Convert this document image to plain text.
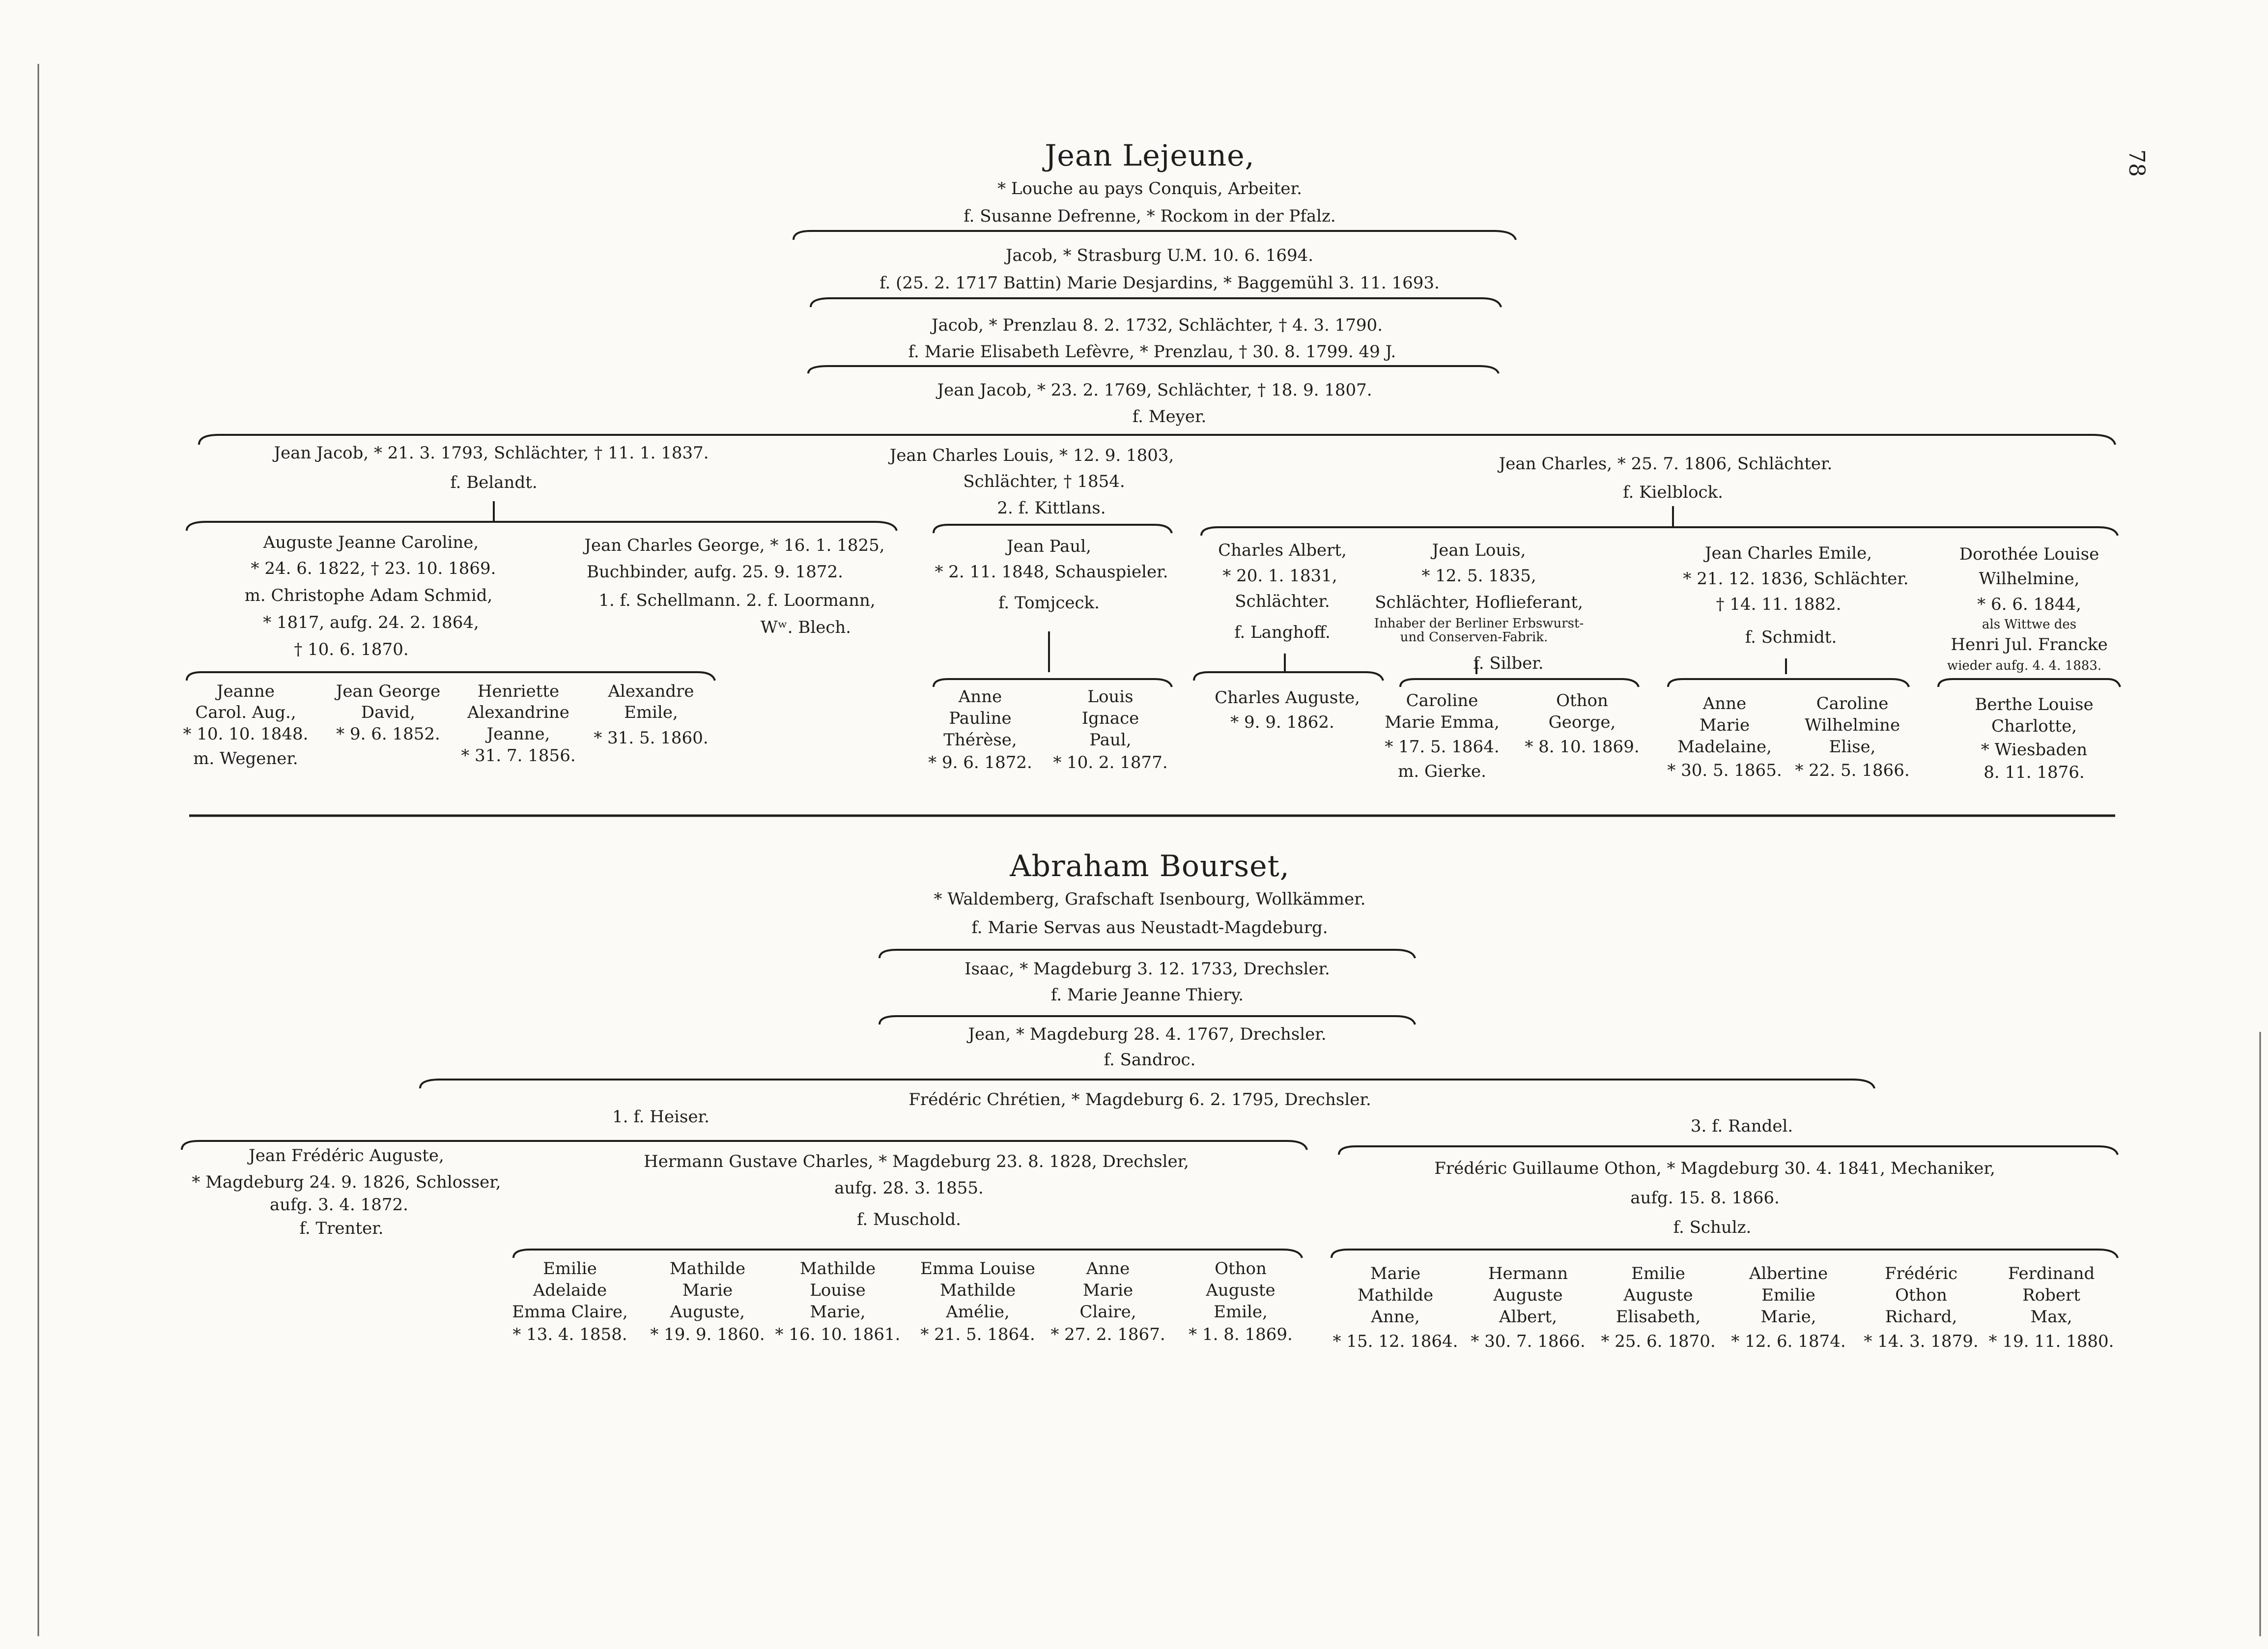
78
Jean Lejeune,
* Louche au pays Conquis, Arbeiter.
f. Susanne Defrenne, * Rockom in der Pfalz.
Jacob, * Strasburg U.M. 10. 6. 1694.
f. (25. 2. 1717 Battin) Marie Desjardins, * Baggemühl 3. 11. 1693.
Jacob, * Prenzlau 8. 2. 1732, Schlächter, † 4. 3. 1790.
f. Marie Elisabeth Lefèvre, * Prenzlau, † 30. 8. 1799. 49 J.
Jean Jacob, * 23. 2. 1769, Schlächter, † 18. 9. 1807.
f. Meyer.
Jean Jacob, * 21. 3. 1793, Schlächter, † 11. 1. 1837.
f. Belandt.
Auguste Jeanne Caroline,
* 24. 6. 1822, † 23. 10. 1869.
m. Christophe Adam Schmid,
* 1817, aufg. 24. 2. 1864,
† 10. 6. 1870.
Jean Charles George, * 16. 1. 1825,
Buchbinder, aufg. 25. 9. 1872.
1. f. Schellmann. 2. f. Loormann,
Wʷ. Blech.
Jeanne
Carol. Aug.,
* 10. 10. 1848.
m. Wegener.
Jean George
David,
* 9. 6. 1852.
Henriette
Alexandrine
Jeanne,
* 31. 7. 1856.
Alexandre
Emile,
* 31. 5. 1860.
Jean Charles Louis, * 12. 9. 1803,
Schlächter, † 1854.
2. f. Kittlans.
Jean Paul,
* 2. 11. 1848, Schauspieler.
f. Tomjceck.
Anne
Pauline
Thérèse,
* 9. 6. 1872.
Louis
Ignace
Paul,
* 10. 2. 1877.
Jean Charles, * 25. 7. 1806, Schlächter.
f. Kielblock.
Charles Albert,
* 20. 1. 1831,
Schlächter.
f. Langhoff.
Charles Auguste,
* 9. 9. 1862.
Jean Louis,
* 12. 5. 1835,
Schlächter, Hoflieferant,
Inhaber der Berliner Erbswurst-
und Conserven-Fabrik.
f. Silber.
Caroline
Marie Emma,
* 17. 5. 1864.
m. Gierke.
Othon
George,
* 8. 10. 1869.
Jean Charles Emile,
* 21. 12. 1836, Schlächter.
† 14. 11. 1882.
f. Schmidt.
Anne
Marie
Madelaine,
* 30. 5. 1865.
Caroline
Wilhelmine
Elise,
* 22. 5. 1866.
Dorothée Louise
Wilhelmine,
* 6. 6. 1844,
als Wittwe des
Henri Jul. Francke
wieder aufg. 4. 4. 1883.
Berthe Louise
Charlotte,
* Wiesbaden
8. 11. 1876.
Abraham Bourset,
* Waldemberg, Grafschaft Isenbourg, Wollkämmer.
f. Marie Servas aus Neustadt-Magdeburg.
Isaac, * Magdeburg 3. 12. 1733, Drechsler.
f. Marie Jeanne Thiery.
Jean, * Magdeburg 28. 4. 1767, Drechsler.
f. Sandroc.
Frédéric Chrétien, * Magdeburg 6. 2. 1795, Drechsler.
1. f. Heiser.	3. f. Randel.
Jean Frédéric Auguste,
* Magdeburg 24. 9. 1826, Schlosser,
aufg. 3. 4. 1872.
f. Trenter.
Hermann Gustave Charles, * Magdeburg 23. 8. 1828, Drechsler,
aufg. 28. 3. 1855.
f. Muschold.
Emilie
Adelaide
Emma Claire,
* 13. 4. 1858.
Mathilde
Marie
Auguste,
* 19. 9. 1860.
Mathilde
Louise
Marie,
* 16. 10. 1861.
Emma Louise
Mathilde
Amélie,
* 21. 5. 1864.
Anne
Marie
Claire,
* 27. 2. 1867.
Othon
Auguste
Emile,
* 1. 8. 1869.
Frédéric Guillaume Othon, * Magdeburg 30. 4. 1841, Mechaniker,
aufg. 15. 8. 1866.
f. Schulz.
Marie
Mathilde
Anne,
* 15. 12. 1864.
Hermann
Auguste
Albert,
* 30. 7. 1866.
Emilie
Auguste
Elisabeth,
* 25. 6. 1870.
Albertine
Emilie
Marie,
* 12. 6. 1874.
Frédéric
Othon
Richard,
* 14. 3. 1879.
Ferdinand
Robert
Max,
* 19. 11. 1880.
